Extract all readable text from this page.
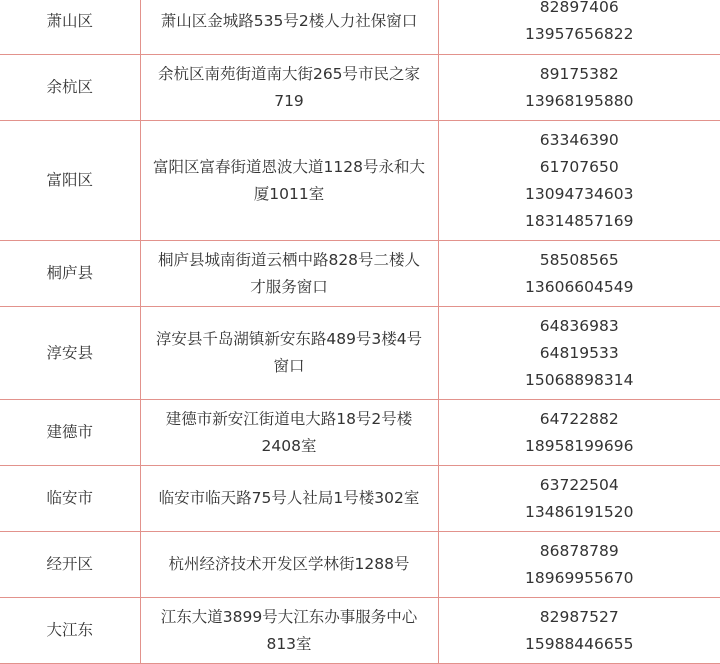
萧山区	萧山区金城路535号2楼人力社保窗口	82897406
13957656822

余杭区	余杭区南苑街道南大街265号市民之家719	89175382
13968195880

富阳区	富阳区富春街道恩波大道1128号永和大厦1011室	63346390
61707650
13094734603
18314857169

桐庐县	桐庐县城南街道云栖中路828号二楼人才服务窗口	58508565
13606604549

淳安县	淳安县千岛湖镇新安东路489号3楼4号窗口	64836983
64819533
15068898314

建德市	建德市新安江街道电大路18号2号楼2408室	64722882
18958199696

临安市	临安市临天路75号人社局1号楼302室	63722504
13486191520

经开区	杭州经济技术开发区学林街1288号	86878789
18969955670

大江东	江东大道3899号大江东办事服务中心813室	82987527
15988446655
